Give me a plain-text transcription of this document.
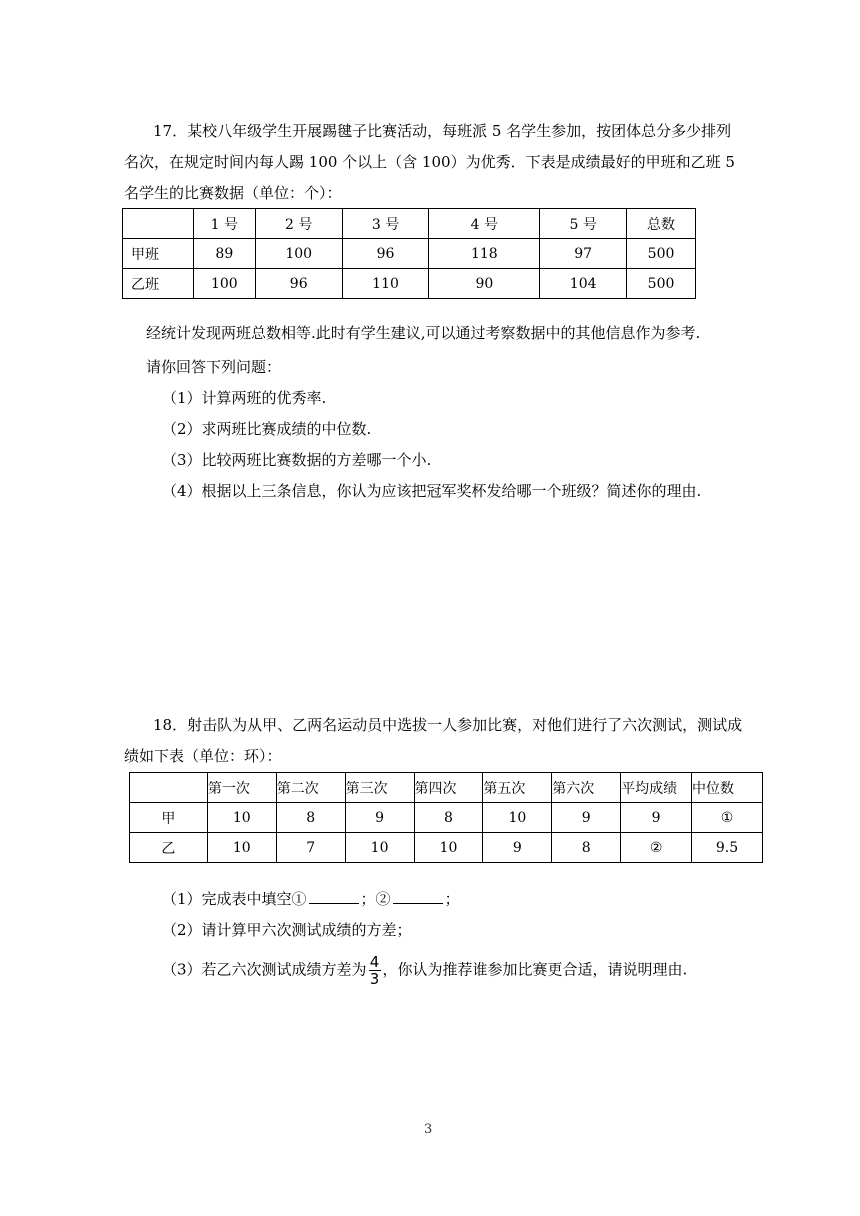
17．某校八年级学生开展踢毽子比赛活动，每班派 5 名学生参加，按团体总分多少排列名次，在规定时间内每人踢 100 个以上（含 100）为优秀．下表是成绩最好的甲班和乙班 5 名学生的比赛数据（单位：个）：
	1 号	2 号	3 号	4 号	5 号	总数
甲班	89	100	96	118	97	500
乙班	100	96	110	90	104	500
经统计发现两班总数相等.此时有学生建议,可以通过考察数据中的其他信息作为参考.
请你回答下列问题：
（1）计算两班的优秀率.
（2）求两班比赛成绩的中位数.
（3）比较两班比赛数据的方差哪一个小.
（4）根据以上三条信息，你认为应该把冠军奖杯发给哪一个班级？简述你的理由.
18．射击队为从甲、乙两名运动员中选拔一人参加比赛，对他们进行了六次测试，测试成绩如下表（单位：环）：
	第一次	第二次	第三次	第四次	第五次	第六次	平均成绩	中位数
甲	10	8	9	8	10	9	9	①
乙	10	7	10	10	9	8	②	9.5
（1）完成表中填空①	；②	；
（2）请计算甲六次测试成绩的方差；
（3）若乙六次测试成绩方差为 $\frac{4}{3}$ ，你认为推荐谁参加比赛更合适，请说明理由.
3
